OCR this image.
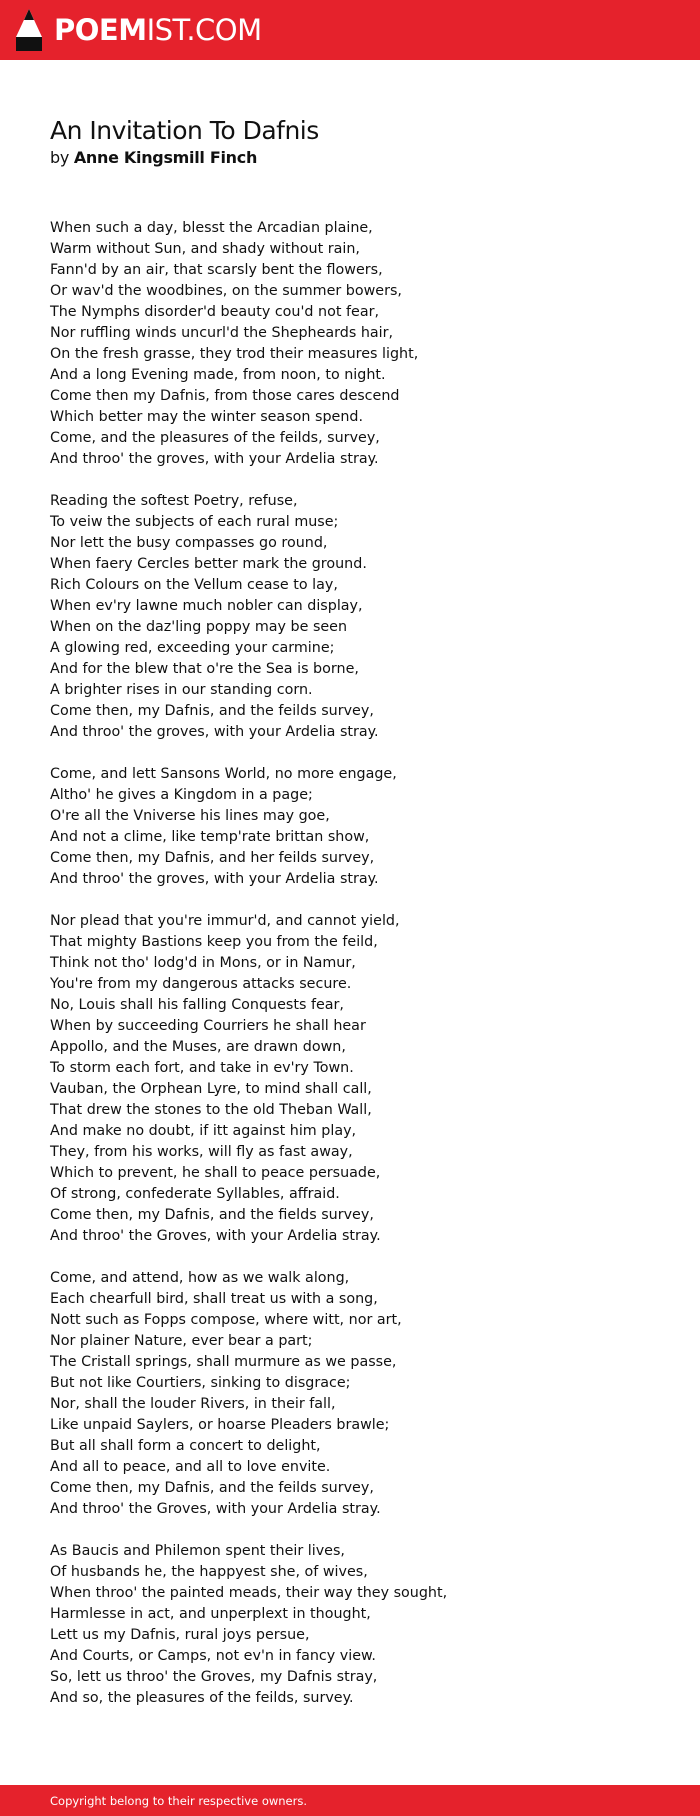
POEMIST.COM
An Invitation To Dafnis
by Anne Kingsmill Finch
When such a day, blesst the Arcadian plaine,
Warm without Sun, and shady without rain,
Fann'd by an air, that scarsly bent the flowers,
Or wav'd the woodbines, on the summer bowers,
The Nymphs disorder'd beauty cou'd not fear,
Nor ruffling winds uncurl'd the Shepheards hair,
On the fresh grasse, they trod their measures light,
And a long Evening made, from noon, to night.
Come then my Dafnis, from those cares descend
Which better may the winter season spend.
Come, and the pleasures of the feilds, survey,
And throo' the groves, with your Ardelia stray.
Reading the softest Poetry, refuse,
To veiw the subjects of each rural muse;
Nor lett the busy compasses go round,
When faery Cercles better mark the ground.
Rich Colours on the Vellum cease to lay,
When ev'ry lawne much nobler can display,
When on the daz'ling poppy may be seen
A glowing red, exceeding your carmine;
And for the blew that o're the Sea is borne,
A brighter rises in our standing corn.
Come then, my Dafnis, and the feilds survey,
And throo' the groves, with your Ardelia stray.
Come, and lett Sansons World, no more engage,
Altho' he gives a Kingdom in a page;
O're all the Vniverse his lines may goe,
And not a clime, like temp'rate brittan show,
Come then, my Dafnis, and her feilds survey,
And throo' the groves, with your Ardelia stray.
Nor plead that you're immur'd, and cannot yield,
That mighty Bastions keep you from the feild,
Think not tho' lodg'd in Mons, or in Namur,
You're from my dangerous attacks secure.
No, Louis shall his falling Conquests fear,
When by succeeding Courriers he shall hear
Appollo, and the Muses, are drawn down,
To storm each fort, and take in ev'ry Town.
Vauban, the Orphean Lyre, to mind shall call,
That drew the stones to the old Theban Wall,
And make no doubt, if itt against him play,
They, from his works, will fly as fast away,
Which to prevent, he shall to peace persuade,
Of strong, confederate Syllables, affraid.
Come then, my Dafnis, and the fields survey,
And throo' the Groves, with your Ardelia stray.
Come, and attend, how as we walk along,
Each chearfull bird, shall treat us with a song,
Nott such as Fopps compose, where witt, nor art,
Nor plainer Nature, ever bear a part;
The Cristall springs, shall murmure as we passe,
But not like Courtiers, sinking to disgrace;
Nor, shall the louder Rivers, in their fall,
Like unpaid Saylers, or hoarse Pleaders brawle;
But all shall form a concert to delight,
And all to peace, and all to love envite.
Come then, my Dafnis, and the feilds survey,
And throo' the Groves, with your Ardelia stray.
As Baucis and Philemon spent their lives,
Of husbands he, the happyest she, of wives,
When throo' the painted meads, their way they sought,
Harmlesse in act, and unperplext in thought,
Lett us my Dafnis, rural joys persue,
And Courts, or Camps, not ev'n in fancy view.
So, lett us throo' the Groves, my Dafnis stray,
And so, the pleasures of the feilds, survey.
Copyright belong to their respective owners.
